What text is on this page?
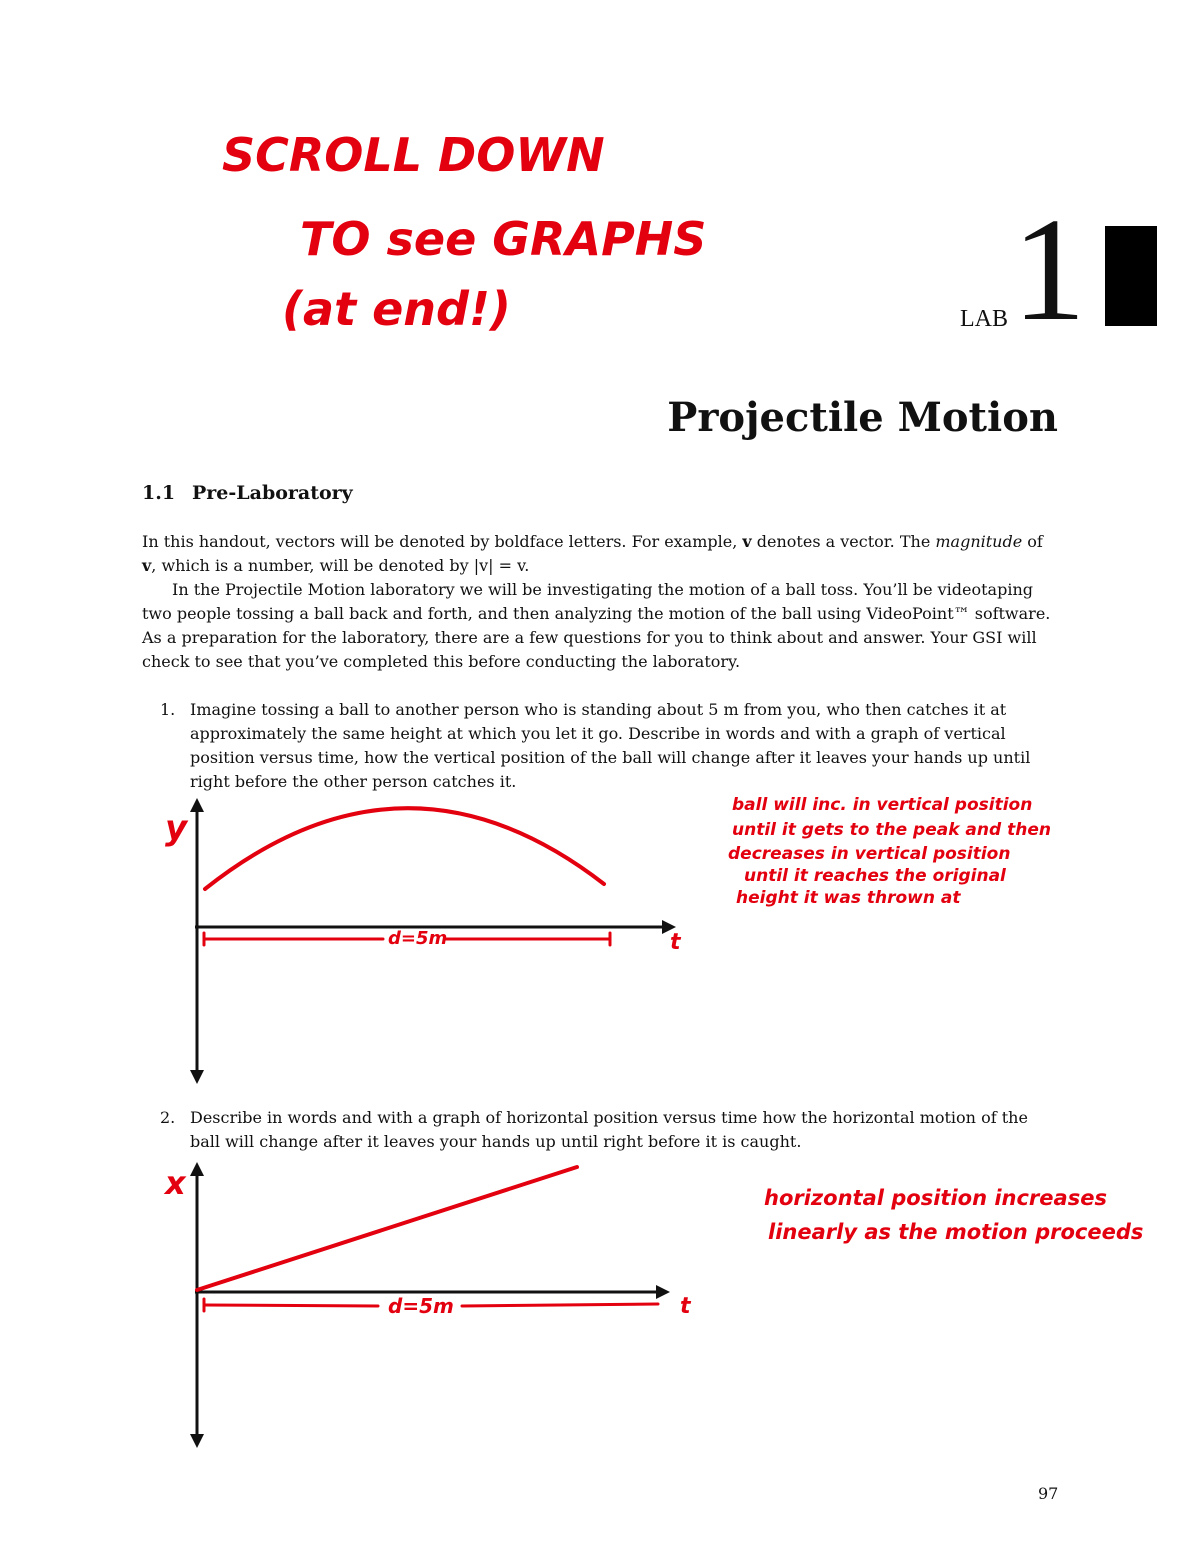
SCROLL DOWN
TO see GRAPHS
(at end!)	LAB 1
Projectile Motion
1.1 Pre-Laboratory

In this handout, vectors will be denoted by boldface letters. For example, v denotes a vector. The magnitude of v, which is a number, will be denoted by |v| = v.

In the Projectile Motion laboratory we will be investigating the motion of a ball toss. You’ll be videotaping two people tossing a ball back and forth, and then analyzing the motion of the ball using VideoPoint™ software. As a preparation for the laboratory, there are a few questions for you to think about and answer. Your GSI will check to see that you’ve completed this before conducting the laboratory.

1. Imagine tossing a ball to another person who is standing about 5 m from you, who then catches it at approximately the same height at which you let it go. Describe in words and with a graph of vertical position versus time, how the vertical position of the ball will change after it leaves your hands up until right before the other person catches it.
y
t
d=5m
ball will inc. in vertical position
until it gets to the peak and then
decreases in vertical position
until it reaches the original
height it was thrown at
2. Describe in words and with a graph of horizontal position versus time how the horizontal motion of the ball will change after it leaves your hands up until right before it is caught.
x
t
d=5m
horizontal position increases
linearly as the motion proceeds
97
